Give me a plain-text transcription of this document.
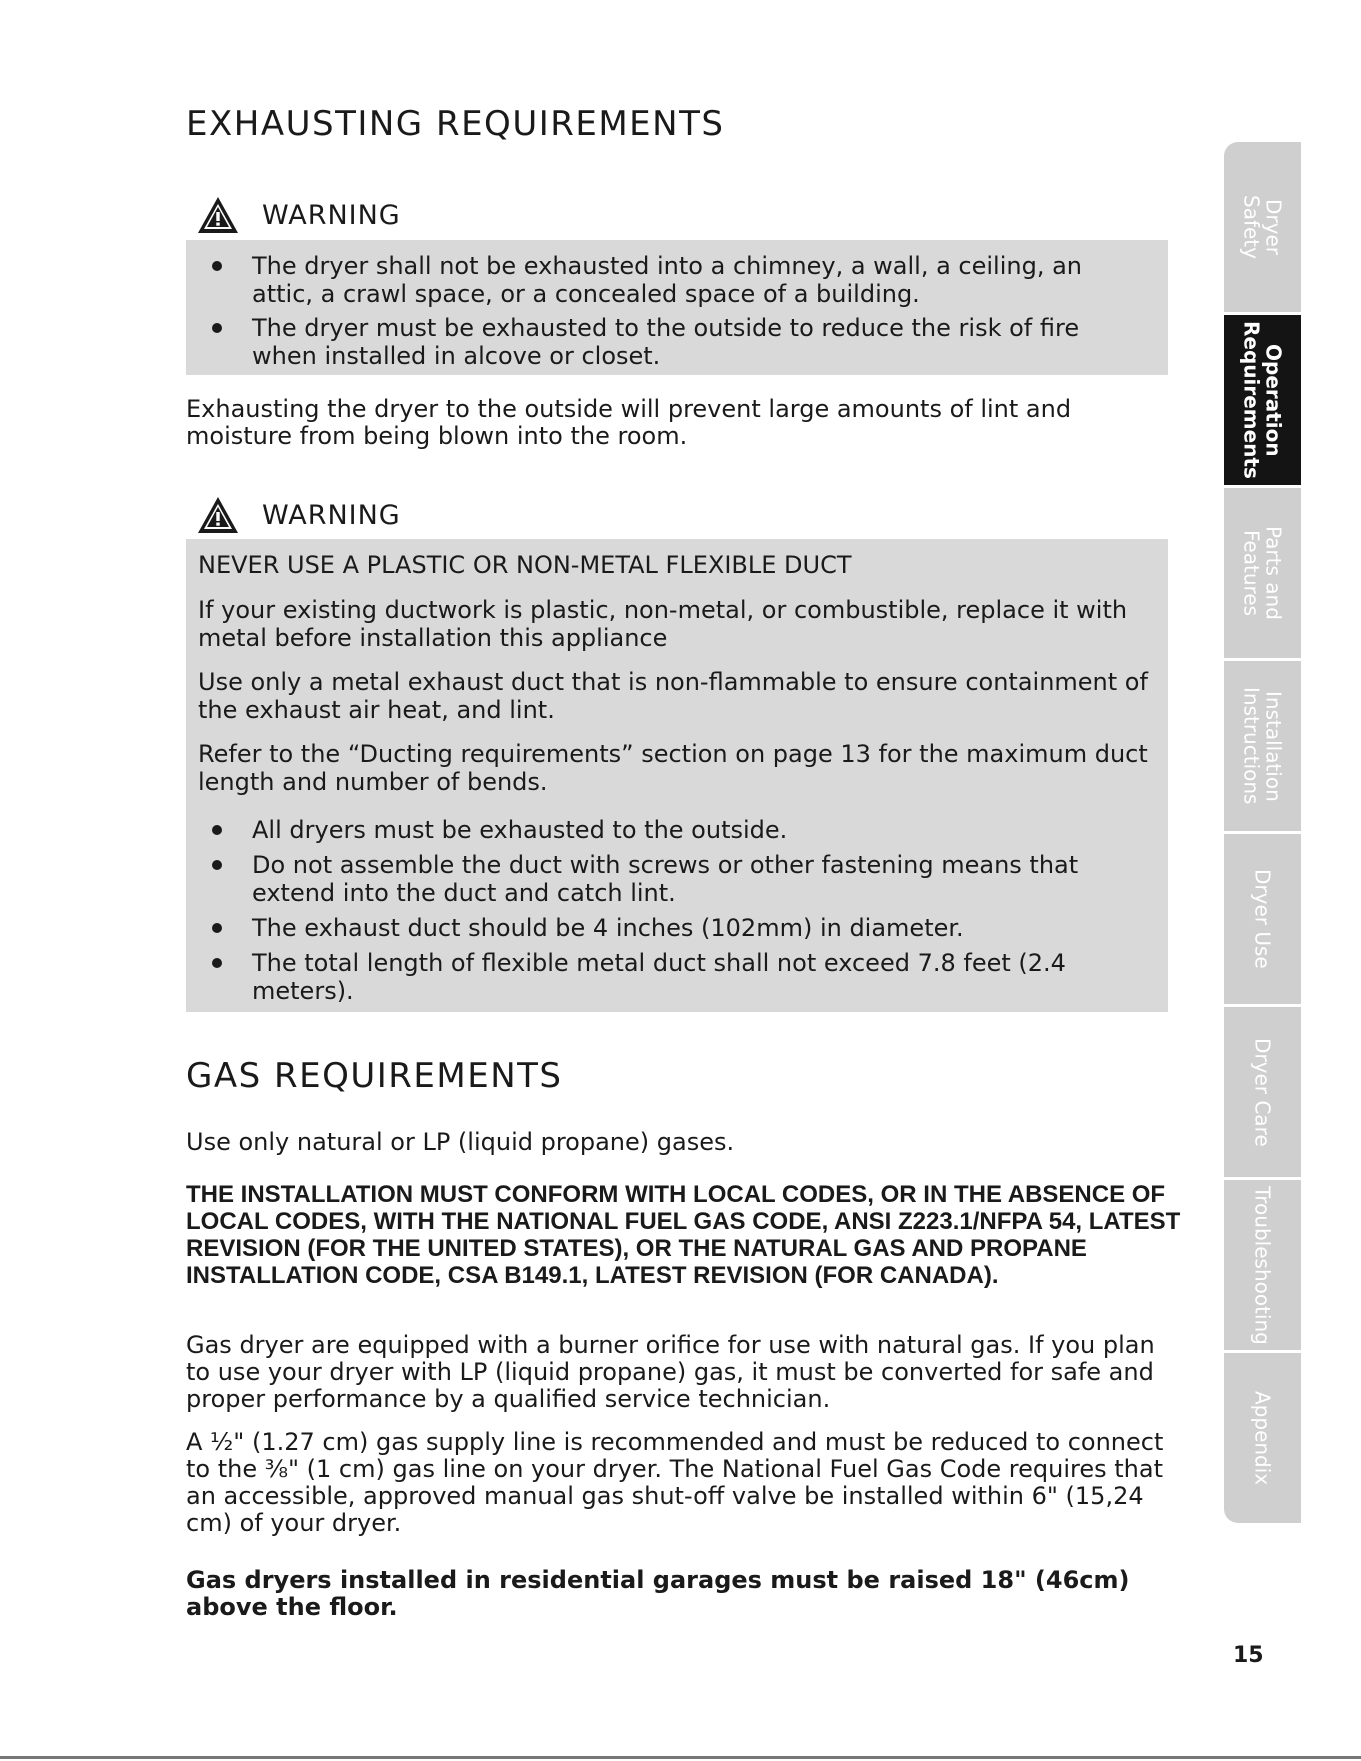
EXHAUSTING REQUIREMENTS
WARNING
The dryer shall not be exhausted into a chimney, a wall, a ceiling, an attic, a crawl space, or a concealed space of a building.
The dryer must be exhausted to the outside to reduce the risk of fire when installed in alcove or closet.

Exhausting the dryer to the outside will prevent large amounts of lint and moisture from being blown into the room.

WARNING

NEVER USE A PLASTIC OR NON-METAL FLEXIBLE DUCT

If your existing ductwork is plastic, non-metal, or combustible, replace it with metal before installation this appliance

Use only a metal exhaust duct that is non-flammable to ensure containment of the exhaust air heat, and lint.

Refer to the “Ducting requirements” section on page 13 for the maximum duct length and number of bends.

All dryers must be exhausted to the outside.
Do not assemble the duct with screws or other fastening means that extend into the duct and catch lint.
The exhaust duct should be 4 inches (102mm) in diameter.
The total length of flexible metal duct shall not exceed 7.8 feet (2.4 meters).
GAS REQUIREMENTS

Use only natural or LP (liquid propane) gases.

THE INSTALLATION MUST CONFORM WITH LOCAL CODES, OR IN THE ABSENCE OF LOCAL CODES, WITH THE NATIONAL FUEL GAS CODE, ANSI Z223.1/NFPA 54, LATEST REVISION (FOR THE UNITED STATES), OR THE NATURAL GAS AND PROPANE INSTALLATION CODE, CSA B149.1, LATEST REVISION (FOR CANADA).

Gas dryer are equipped with a burner orifice for use with natural gas. If you plan to use your dryer with LP (liquid propane) gas, it must be converted for safe and proper performance by a qualified service technician.

A ½" (1.27 cm) gas supply line is recommended and must be reduced to connect to the ⅜" (1 cm) gas line on your dryer. The National Fuel Gas Code requires that an accessible, approved manual gas shut-off valve be installed within 6" (15,24 cm) of your dryer.

Gas dryers installed in residential garages must be raised 18" (46cm) above the floor.

Dryer
Safety
Operation
Requirements
Parts and
Features
Installation
Instructions
Dryer Use
Dryer Care
Troubleshooting
Appendix
15
